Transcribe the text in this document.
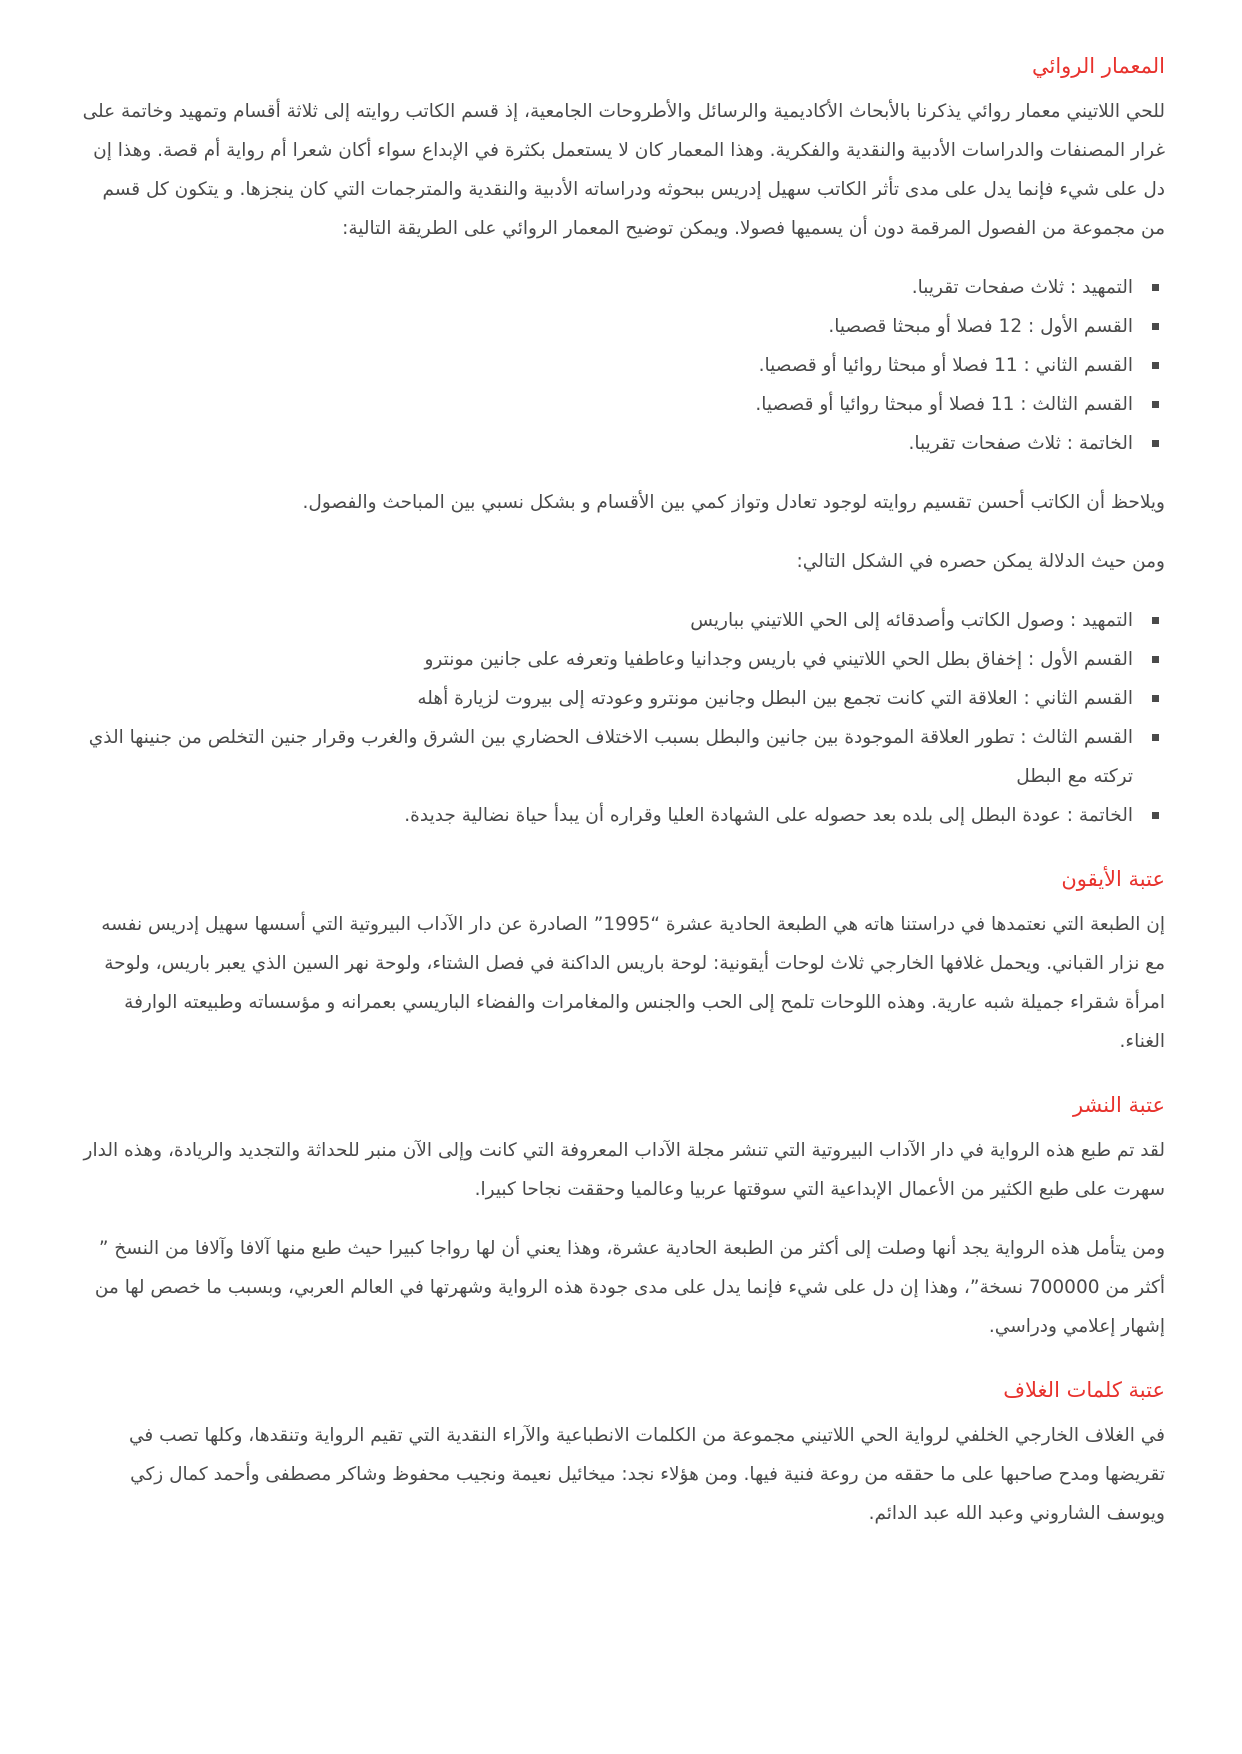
المعمار الروائي

للحي اللاتيني معمار روائي يذكرنا بالأبحاث الأكاديمية والرسائل والأطروحات الجامعية، إذ قسم الكاتب روايته إلى ثلاثة أقسام وتمهيد وخاتمة على غرار المصنفات والدراسات الأدبية والنقدية والفكرية. وهذا المعمار كان لا يستعمل بكثرة في الإبداع سواء أكان شعرا أم رواية أم قصة. وهذا إن دل على شيء فإنما يدل على مدى تأثر الكاتب سهيل إدريس ببحوثه ودراساته الأدبية والنقدية والمترجمات التي كان ينجزها. و يتكون كل قسم من مجموعة من الفصول المرقمة دون أن يسميها فصولا. ويمكن توضيح المعمار الروائي على الطريقة التالية:

التمهيد : ثلاث صفحات تقريبا.
القسم الأول : 12 فصلا أو مبحثا قصصيا.
القسم الثاني : 11 فصلا أو مبحثا روائيا أو قصصيا.
القسم الثالث : 11 فصلا أو مبحثا روائيا أو قصصيا.
الخاتمة : ثلاث صفحات تقريبا.

ويلاحظ أن الكاتب أحسن تقسيم روايته لوجود تعادل وتواز كمي بين الأقسام و بشكل نسبي بين المباحث والفصول.

ومن حيث الدلالة يمكن حصره في الشكل التالي:

التمهيد : وصول الكاتب وأصدقائه إلى الحي اللاتيني بباريس
القسم الأول : إخفاق بطل الحي اللاتيني في باريس وجدانيا وعاطفيا وتعرفه على جانين مونترو
القسم الثاني : العلاقة التي كانت تجمع بين البطل وجانين مونترو وعودته إلى بيروت لزيارة أهله
القسم الثالث : تطور العلاقة الموجودة بين جانين والبطل بسبب الاختلاف الحضاري بين الشرق والغرب وقرار جنين التخلص من جنينها الذي تركته مع البطل
الخاتمة : عودة البطل إلى بلده بعد حصوله على الشهادة العليا وقراره أن يبدأ حياة نضالية جديدة.
عتبة الأيقون

إن الطبعة التي نعتمدها في دراستنا هاته هي الطبعة الحادية عشرة “1995” الصادرة عن دار الآداب البيروتية التي أسسها سهيل إدريس نفسه مع نزار القباني. ويحمل غلافها الخارجي ثلاث لوحات أيقونية: لوحة باريس الداكنة في فصل الشتاء، ولوحة نهر السين الذي يعبر باريس، ولوحة امرأة شقراء جميلة شبه عارية. وهذه اللوحات تلمح إلى الحب والجنس والمغامرات والفضاء الباريسي بعمرانه و مؤسساته وطبيعته الوارفة الغناء.

عتبة النشر

لقد تم طبع هذه الرواية في دار الآداب البيروتية التي تنشر مجلة الآداب المعروفة التي كانت وإلى الآن منبر للحداثة والتجديد والريادة، وهذه الدار سهرت على طبع الكثير من الأعمال الإبداعية التي سوقتها عربيا وعالميا وحققت نجاحا كبيرا.

ومن يتأمل هذه الرواية يجد أنها وصلت إلى أكثر من الطبعة الحادية عشرة، وهذا يعني أن لها رواجا كبيرا حيث طبع منها آلافا وآلافا من النسخ ” أكثر من 700000 نسخة”، وهذا إن دل على شيء فإنما يدل على مدى جودة هذه الرواية وشهرتها في العالم العربي، وبسبب ما خصص لها من إشهار إعلامي ودراسي.

عتبة كلمات الغلاف

في الغلاف الخارجي الخلفي لرواية الحي اللاتيني مجموعة من الكلمات الانطباعية والآراء النقدية التي تقيم الرواية وتنقدها، وكلها تصب في تقريضها ومدح صاحبها على ما حققه من روعة فنية فيها. ومن هؤلاء نجد: ميخائيل نعيمة ونجيب محفوظ وشاكر مصطفى وأحمد كمال زكي ويوسف الشاروني وعبد الله عبد الدائم.
